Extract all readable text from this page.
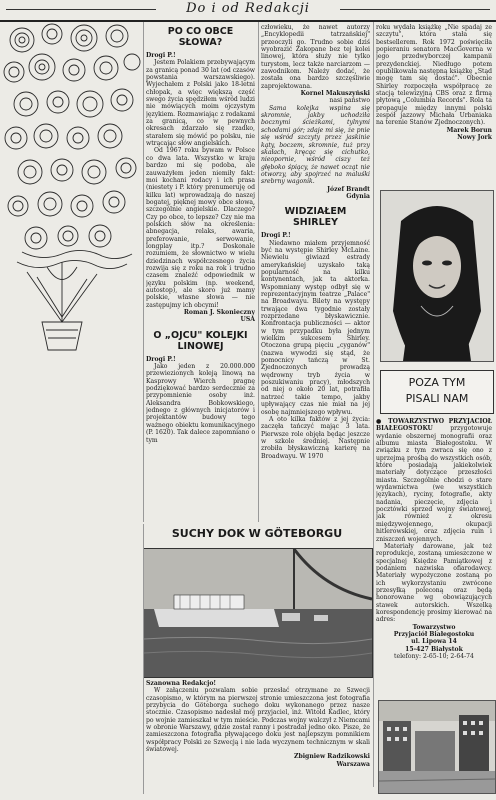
Do i od Redakcji
PO CO OBCE SŁOWA?

Drogi P.!

Jestem Polakiem przebywającym za granicą ponad 30 lat (od czasów powstania warszawskiego). Wyjechałem z Polski jako 18-letni chłopak, a więc większą część swego życia spędziłem wśród ludzi nie mówiących moim ojczystym językiem. Rozmawiając z rodakami za granicą, co w pewnych okresach zdarzało się rzadko, starałem się mówić po polsku, nie wtrącając słów angielskich.

Od 1967 roku bywam w Polsce co dwa lata. Wszystko w kraju bardzo mi się podoba, ale zauważyłem jeden niemiły fakt: moi kochani rodacy i ich prasa (niestety i P. który prenumeruję od kilku lat) wprowadzają do naszej bogatej, pięknej mowy obce słowa, szczególnie angielskie. Dlaczego? Czy po obce, to lepsze? Czy nie ma polskich słów na określenia: abnegacja, relaks, awaria, preferowanie, serwowanie, longplay itp.? Doskonale rozumiem, że słownictwo w wielu dziedzinach współczesnego życia rozwija się z roku na rok i trudno czasem znaleźć odpowiednik w języku polskim (np. weekend, autostop), ale skoro już mamy polskie, własne słowa — nie zastępujmy ich obcymi!

Roman J. Skonieczny

USA

O „OJCU" KOLEJKI LINOWEJ

Drogi P.!

Jako jeden z 20.000.000 przewiezionych koleją linową na Kasprowy Wierch pragnę podziękować bardzo serdecznie za przypomnienie osoby inż. Aleksandra Bobkowskiego, jednego z głównych inicjatorów i projektantów budowy tego ważnego obiektu komunikacyjnego (P. 1620). Tak dalece zapomniano o tym

człowieku, że nawet autorzy „Encyklopedii tatrzańskiej" przeoczyli go. Trudno sobie dziś wyobrazić Zakopane bez tej kolei linowej, która służy nie tylko turystom, lecz także narciarzom — zawodnikom. Należy dodać, że została ona bardzo szczęśliwie zaprojektowana.

Kornel Makuszyński

nasi państwo

Sama kolejka wspina się skromnie, jakby uchodziła bocznymi ścieżkami, tylnymi schodami gór; zdaje mi się, że pnie się wśród szczyty przez jaskinie kąty, boczem, skromnie, tuż przy skałach, kręcąc się cichutko, nieopornie, wśród ciszy też głęboko śpiący, że nawet ocząt nie otworzy, aby spojrzeć na maluśki srebrny wagonik.

Józef Brandt

Gdynia

WIDZIAŁEM SHIRLEY

Drogi P.!

Niedawno miałem przyjemność być na występie Shirley McLaine. Niewielu giwiazd estrady amerykańskiej uzyskało taką popularność na kilku kontynentach, jak ta aktorka. Wspomniany występ odbył się w reprezentacyjnym teatrze „Palace" na Broadwayu. Bilety na występy trwające dwa tygodnie zostały rozprzedane błyskawicznie. Konfrontacja publiczności — aktor w tym przypadku była jednym wielkim sukcesem Shirley. Otoczona grupą pięciu „cyganów" (nazwa wywodzi się stąd, że pomocnicy tańczą w St. Zjednoczonych prowadzą wędrowny tryb życia w poszukiwaniu pracy), młodszych od niej o około 20 lat, potrafiła natrzeć takie tempo, jakby upływający czas nie miał na jej osobę najmniejszego wpływu.

A oto kilka faktów z jej życia: zaczęła tańczyć mając 3 lata. Pierwsze role objęła będąc jeszcze w szkole średniej. Następnie zrobiła błyskawiczną karierę na Broadwayu. W 1970

roku wydała książkę „Nie spadaj ze szczytu", która stała się bestsellerem. Rok 1972 poświęciła popieraniu senatora MacGoverna w jego przedwyborczej kampanii prezydenckiej. Niedługo potem opublikowała następną książkę „Stąd mogę tam się dostać". Obecnie Shirley rozpoczęła współpracę ze stacją telewizyjną CBS oraz z firmą płytową „Columbia Records". Rola ta propaguje między innymi polski zespół jazzowy Michała Urbaniaka na terenie Stanów Zjednoczonych).

Marek Borun

Nowy Jork

POZA TYM
PISALI NAM

● TOWARZYSTWO PRZYJACIÓŁ BIAŁEGOSTOKU	przygotowuje wydanie obszernej monografii oraz albumu miasta Białegostoku. W związku z tym zwraca się ono z uprzejmą prośbą do wszystkich osób, które posiadają jakiekolwiek materiały dotyczące przeszłości miasta. Szczególnie chodzi o stare wydawnictwa (we wszystkich językach), ryciny, fotografie, akty nadania, pieczęcie, zdjęcia i pocztówki sprzed wojny światowej, jak również z okresu międzywojennego, okupacji hitlerowskiej, oraz zdjęcia ruin i zniszczeń wojennych.

Materiały darowane, jak też reprodukcje, zostaną umieszczone w specjalnej Księdze Pamiątkowej z podaniem nazwiska ofiarodawcy. Materiały wypożyczone zostaną po ich wykorzystaniu zwrócone przesyłką poleconą oraz będą honorowane wg obowiązujących stawek autorskich. Wszelką korespondencję prosimy kierować na adres:

Towarzystwo

Przyjaciół Białegostoku

ul. Lipowa 14

15-427 Białystok

telefony: 2-65-10; 2-64-74

SUCHY DOK W GÖTEBORGU

Szanowna Redakcjo!

W załączeniu pozwalam sobie przesłać otrzymane ze Szwecji czasopismo, w którym na pierwszej stronie umieszczona jest fotografia przybycia do Göteborga suchego doku wykonanego przez nasze stocznie. Czasopismo nadesłał mój przyjaciel, inż. Witold Kadlec, który po wojnie zamieszkał w tym mieście. Podczas wojny walczył z Niemcami w obronie Warszawy, gdzie został ranny i postradał jedno oko. Pisze, że zamieszczona fotografia pływającego doku jest najlepszym pomnikiem współpracy Polski ze Szwecją i nie lada wyczynem technicznym w skali światowej.

Zbigniew Radzikowski

Warszawa
